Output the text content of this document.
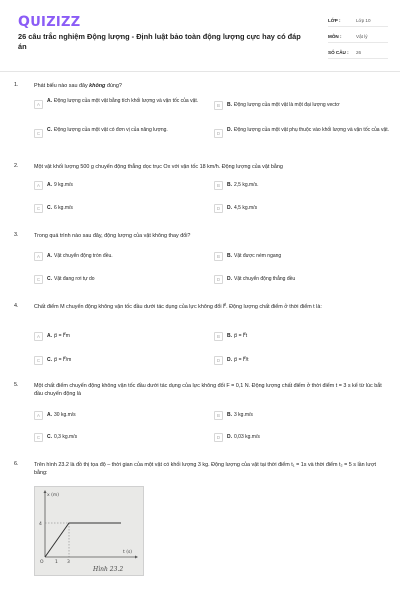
QUIZIZZ
26 câu trắc nghiệm Động lượng - Định luật bảo toàn động lượng cực hay có đáp án
LỚP :	Lớp 10
MÔN :	Vật lý
SỐ CÂU :	26
1.	Phát biểu nào sau đây không đúng?
A
A. Động lượng của một vật bằng tích khối lượng và vận tốc của vật.
B	B. Động lượng của một vật là một đại lượng vectơ
C
C. Động lượng của một vật có đơn vị của năng lượng.
D
D. Động lượng của một vật phụ thuộc vào khối lượng và vận tốc của vật.
2.	Một vật khối lượng 500 g chuyển động thẳng dọc trục Ox với vận tốc 18 km/h. Động lượng của vật bằng
A	A. 9 kg.m/s	B	B. 2,5 kg.m/s.
C	C. 6 kg.m/s	D	D. 4,5 kg.m/s
3.	Trong quá trình nào sau đây, động lượng của vật không thay đổi?
A	A. Vật chuyển động tròn đều.	B	B. Vật được ném ngang
C	C. Vật đang rơi tự do	D	D. Vật chuyển động thẳng đều
4.	Chất điểm M chuyển động không vận tốc đầu dưới tác dụng của lực không đổi F⃗. Động lượng chất điểm ở thời điểm t là:
A	A. p⃗ = F⃗m	B	B. p⃗ = F⃗t
C	C. p⃗ = F⃗/m	D	D. p⃗ = F⃗/t
5.	Một chất điểm chuyển động không vận tốc đầu dưới tác dụng của lực không đổi F = 0,1 N. Động lượng chất điểm ở thời điểm t = 3 s kể từ lúc bắt đầu chuyển động là
A	A. 30 kg.m/s	B	B. 3 kg.m/s
C	C. 0,3 kg.m/s	D	D. 0,03 kg.m/s
6.	Trên hình 23.2 là đồ thị tọa độ – thời gian của một vật có khối lượng 3 kg. Động lượng của vật tại thời điểm t₁ = 1s và thời điểm t₂ = 5 s lần lượt bằng:
x (m)
t (s)
4
1 3
O
Hình 23.2
